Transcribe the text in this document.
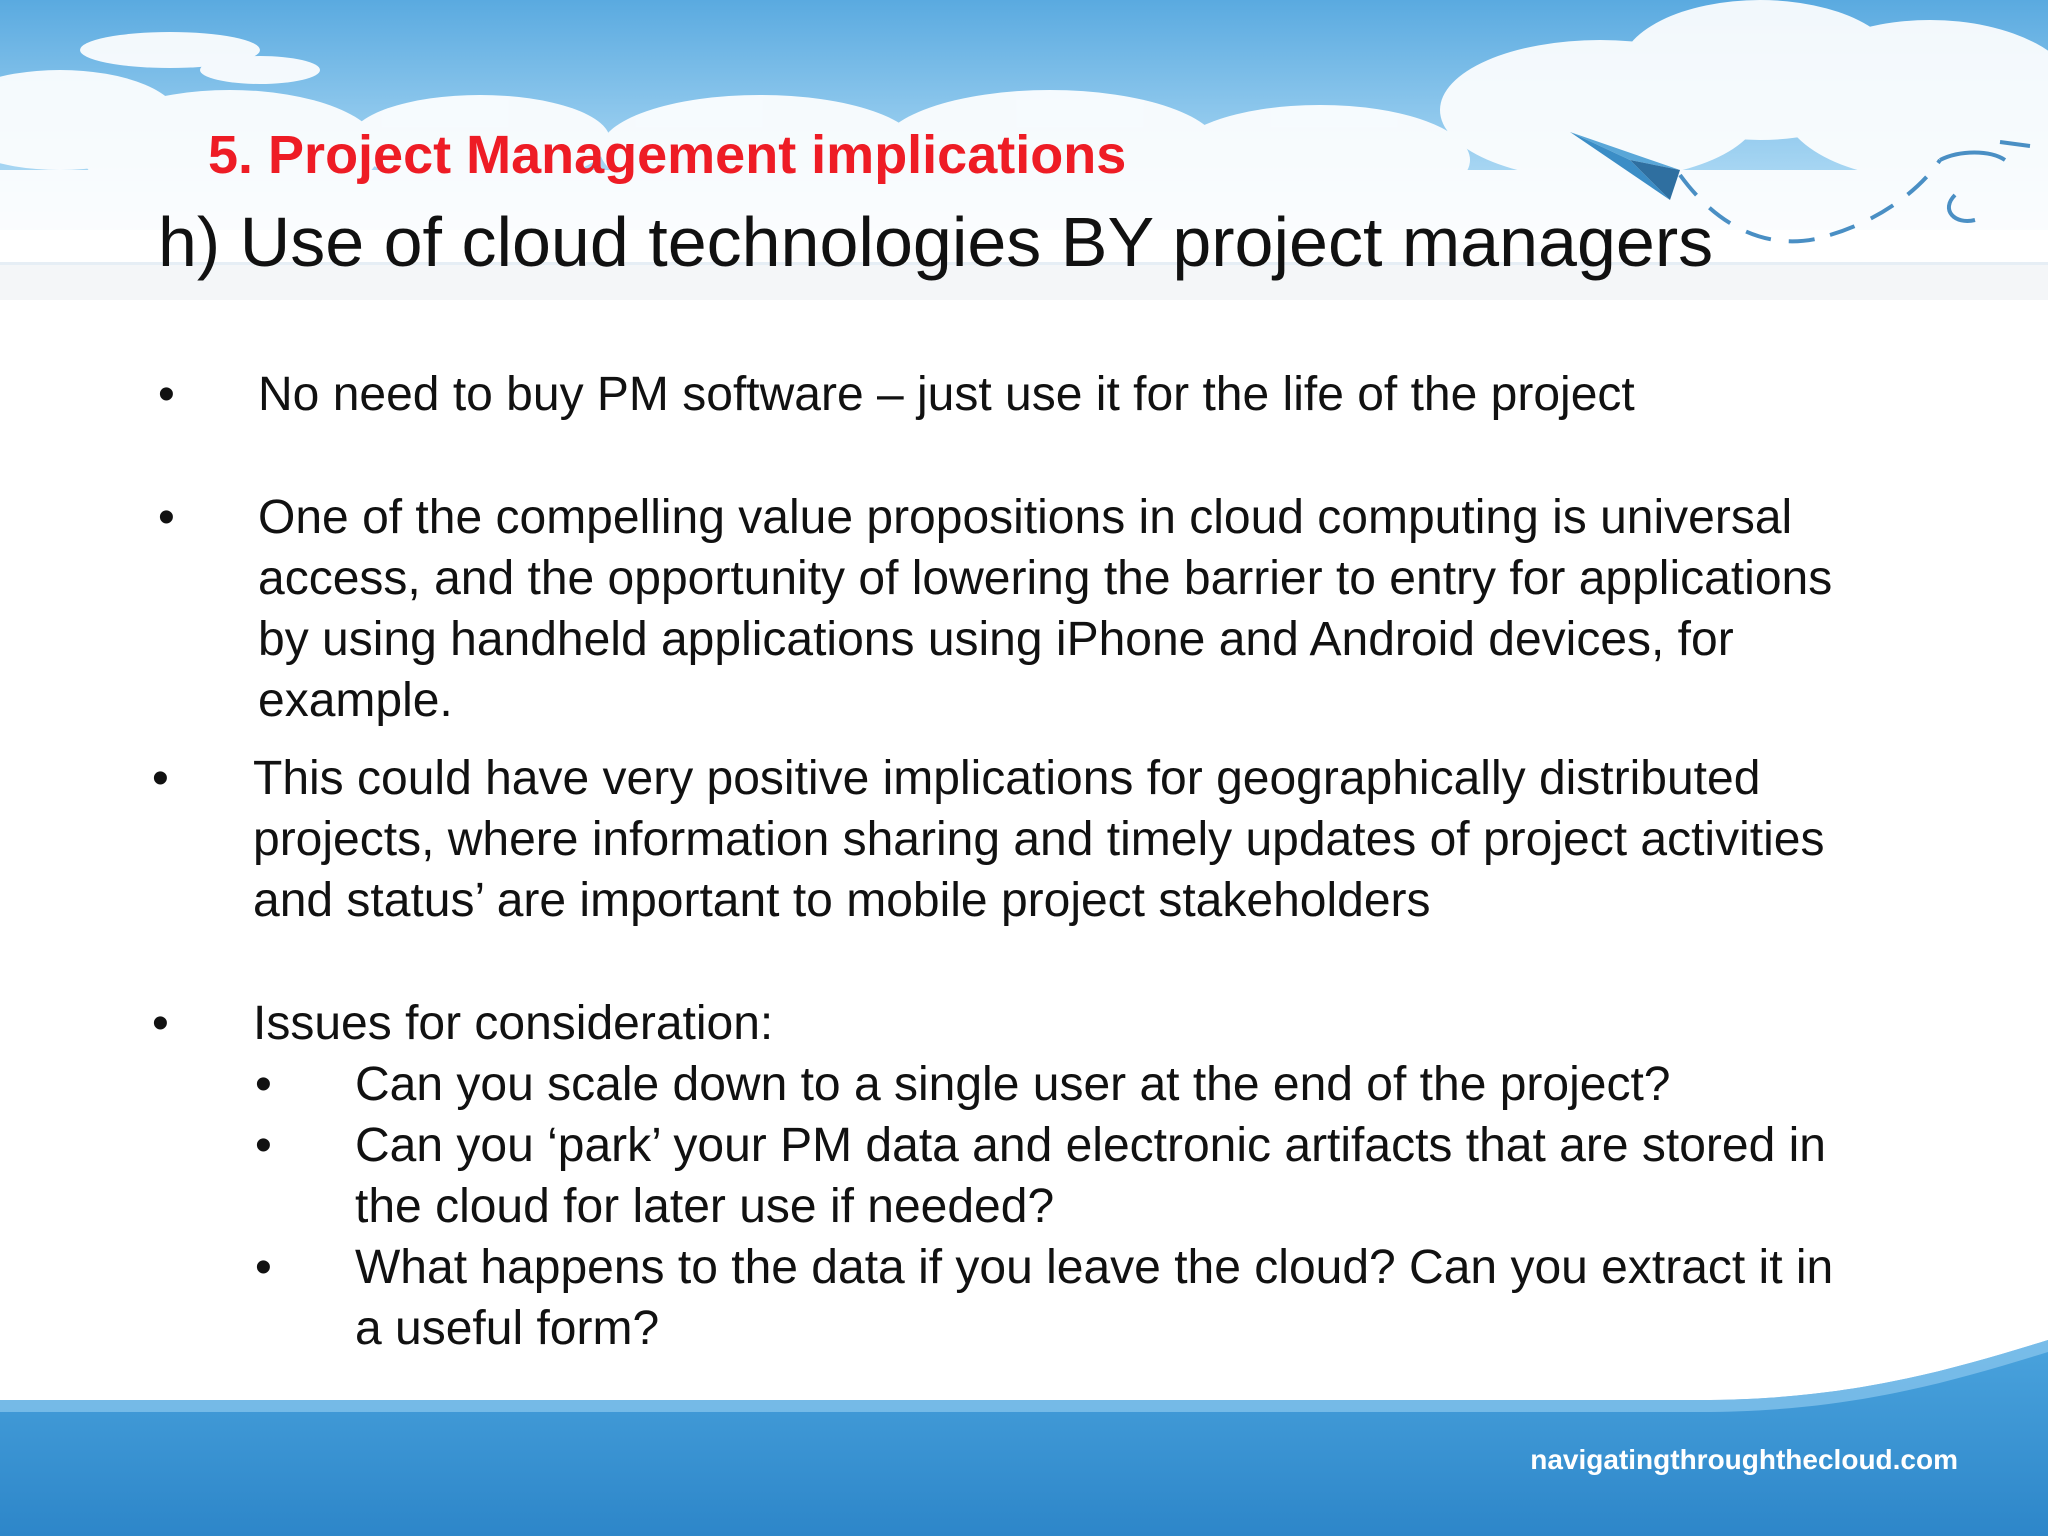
5. Project Management implications
h) Use of cloud technologies BY project managers
• No need to buy PM software – just use it for the life of the project
• One of the compelling value propositions in cloud computing is universal
access, and the opportunity of lowering the barrier to entry for applications
by using handheld applications using iPhone and Android devices, for
example.
• This could have very positive implications for geographically distributed
projects, where information sharing and timely updates of project activities
and status’ are important to mobile project stakeholders
• Issues for consideration:
• Can you scale down to a single user at the end of the project?
• Can you ‘park’ your PM data and electronic artifacts that are stored in
the cloud for later use if needed?
• What happens to the data if you leave the cloud? Can you extract it in
a useful form?
navigatingthroughthecloud.com
